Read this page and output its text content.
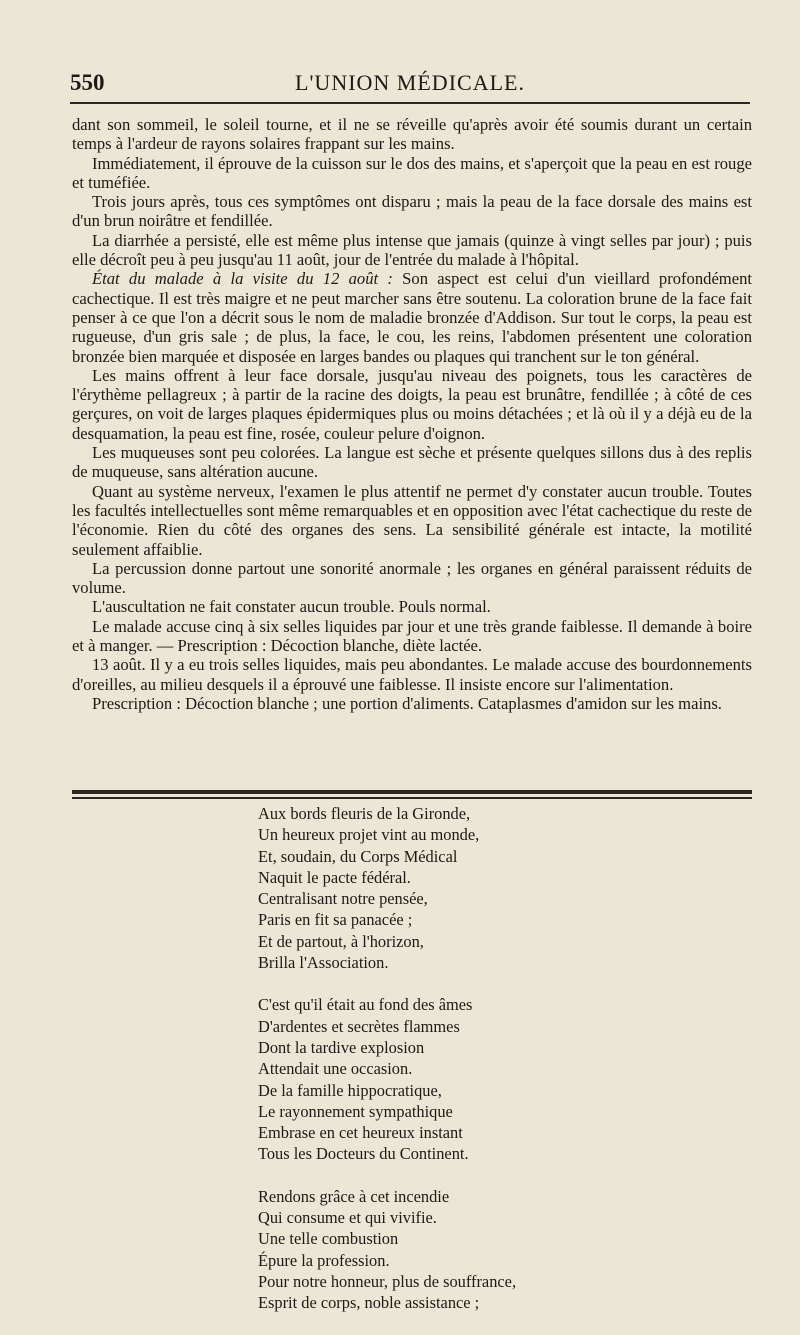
550	L'UNION MÉDICALE.

dant son sommeil, le soleil tourne, et il ne se réveille qu'après avoir été soumis durant un certain temps à l'ardeur de rayons solaires frappant sur les mains.

Immédiatement, il éprouve de la cuisson sur le dos des mains, et s'aperçoit que la peau en est rouge et tuméfiée.

Trois jours après, tous ces symptômes ont disparu ; mais la peau de la face dorsale des mains est d'un brun noirâtre et fendillée.

La diarrhée a persisté, elle est même plus intense que jamais (quinze à vingt selles par jour) ; puis elle décroît peu à peu jusqu'au 11 août, jour de l'entrée du malade à l'hôpital.

État du malade à la visite du 12 août : Son aspect est celui d'un vieillard profondément cachectique. Il est très maigre et ne peut marcher sans être soutenu. La coloration brune de la face fait penser à ce que l'on a décrit sous le nom de maladie bronzée d'Addison. Sur tout le corps, la peau est rugueuse, d'un gris sale ; de plus, la face, le cou, les reins, l'abdomen présentent une coloration bronzée bien marquée et disposée en larges bandes ou plaques qui tranchent sur le ton général.

Les mains offrent à leur face dorsale, jusqu'au niveau des poignets, tous les caractères de l'érythème pellagreux ; à partir de la racine des doigts, la peau est brunâtre, fendillée ; à côté de ces gerçures, on voit de larges plaques épidermiques plus ou moins détachées ; et là où il y a déjà eu de la desquamation, la peau est fine, rosée, couleur pelure d'oignon.

Les muqueuses sont peu colorées. La langue est sèche et présente quelques sillons dus à des replis de muqueuse, sans altération aucune.

Quant au système nerveux, l'examen le plus attentif ne permet d'y constater aucun trouble. Toutes les facultés intellectuelles sont même remarquables et en opposition avec l'état cachectique du reste de l'économie. Rien du côté des organes des sens. La sensibilité générale est intacte, la motilité seulement affaiblie.

La percussion donne partout une sonorité anormale ; les organes en général paraissent réduits de volume.

L'auscultation ne fait constater aucun trouble. Pouls normal.

Le malade accuse cinq à six selles liquides par jour et une très grande faiblesse. Il demande à boire et à manger. — Prescription : Décoction blanche, diète lactée.

13 août. Il y a eu trois selles liquides, mais peu abondantes. Le malade accuse des bourdonnements d'oreilles, au milieu desquels il a éprouvé une faiblesse. Il insiste encore sur l'alimentation.

Prescription : Décoction blanche ; une portion d'aliments. Cataplasmes d'amidon sur les mains.

Aux bords fleuris de la Gironde,
Un heureux projet vint au monde,
Et, soudain, du Corps Médical
Naquit le pacte fédéral.
Centralisant notre pensée,
Paris en fit sa panacée ;
Et de partout, à l'horizon,
Brilla l'Association.
C'est qu'il était au fond des âmes
D'ardentes et secrètes flammes
Dont la tardive explosion
Attendait une occasion.
De la famille hippocratique,
Le rayonnement sympathique
Embrase en cet heureux instant
Tous les Docteurs du Continent.
Rendons grâce à cet incendie
Qui consume et qui vivifie.
Une telle combustion
Épure la profession.
Pour notre honneur, plus de souffrance,
Esprit de corps, noble assistance ;
